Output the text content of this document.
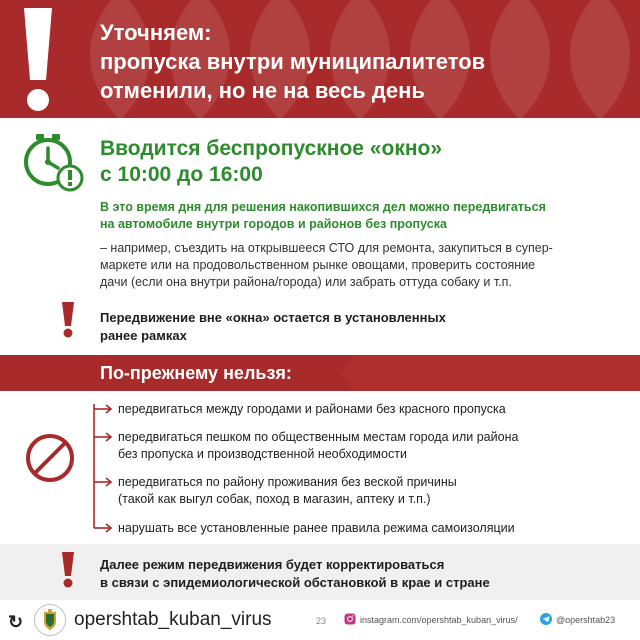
Уточняем:
пропуска внутри муниципалитетов
отменили, но не на весь день
Вводится беспропускное «окно»
с 10:00 до 16:00
В это время дня для решения накопившихся дел можно передвигаться
на автомобиле внутри городов и районов без пропуска
– например, съездить на открывшееся СТО для ремонта, закупиться в супер-
маркете или на продовольственном рынке овощами, проверить состояние
дачи (если она внутри района/города) или забрать оттуда собаку и т.п.
Передвижение вне «окна» остается в установленных
ранее рамках
По-прежнему нельзя:
передвигаться между городами и районами без красного пропуска
передвигаться пешком по общественным местам города или района
без пропуска и производственной необходимости
передвигаться по району проживания без веской причины
(такой как выгул собак, поход в магазин, аптеку и т.п.)
нарушать все установленные ранее правила режима самоизоляции
Далее режим передвижения будет корректироваться
в связи с эпидемиологической обстановкой в крае и стране
↻	opershtab_kuban_virus	23	instagram.com/opershtab_kuban_virus/	@opershtab23
